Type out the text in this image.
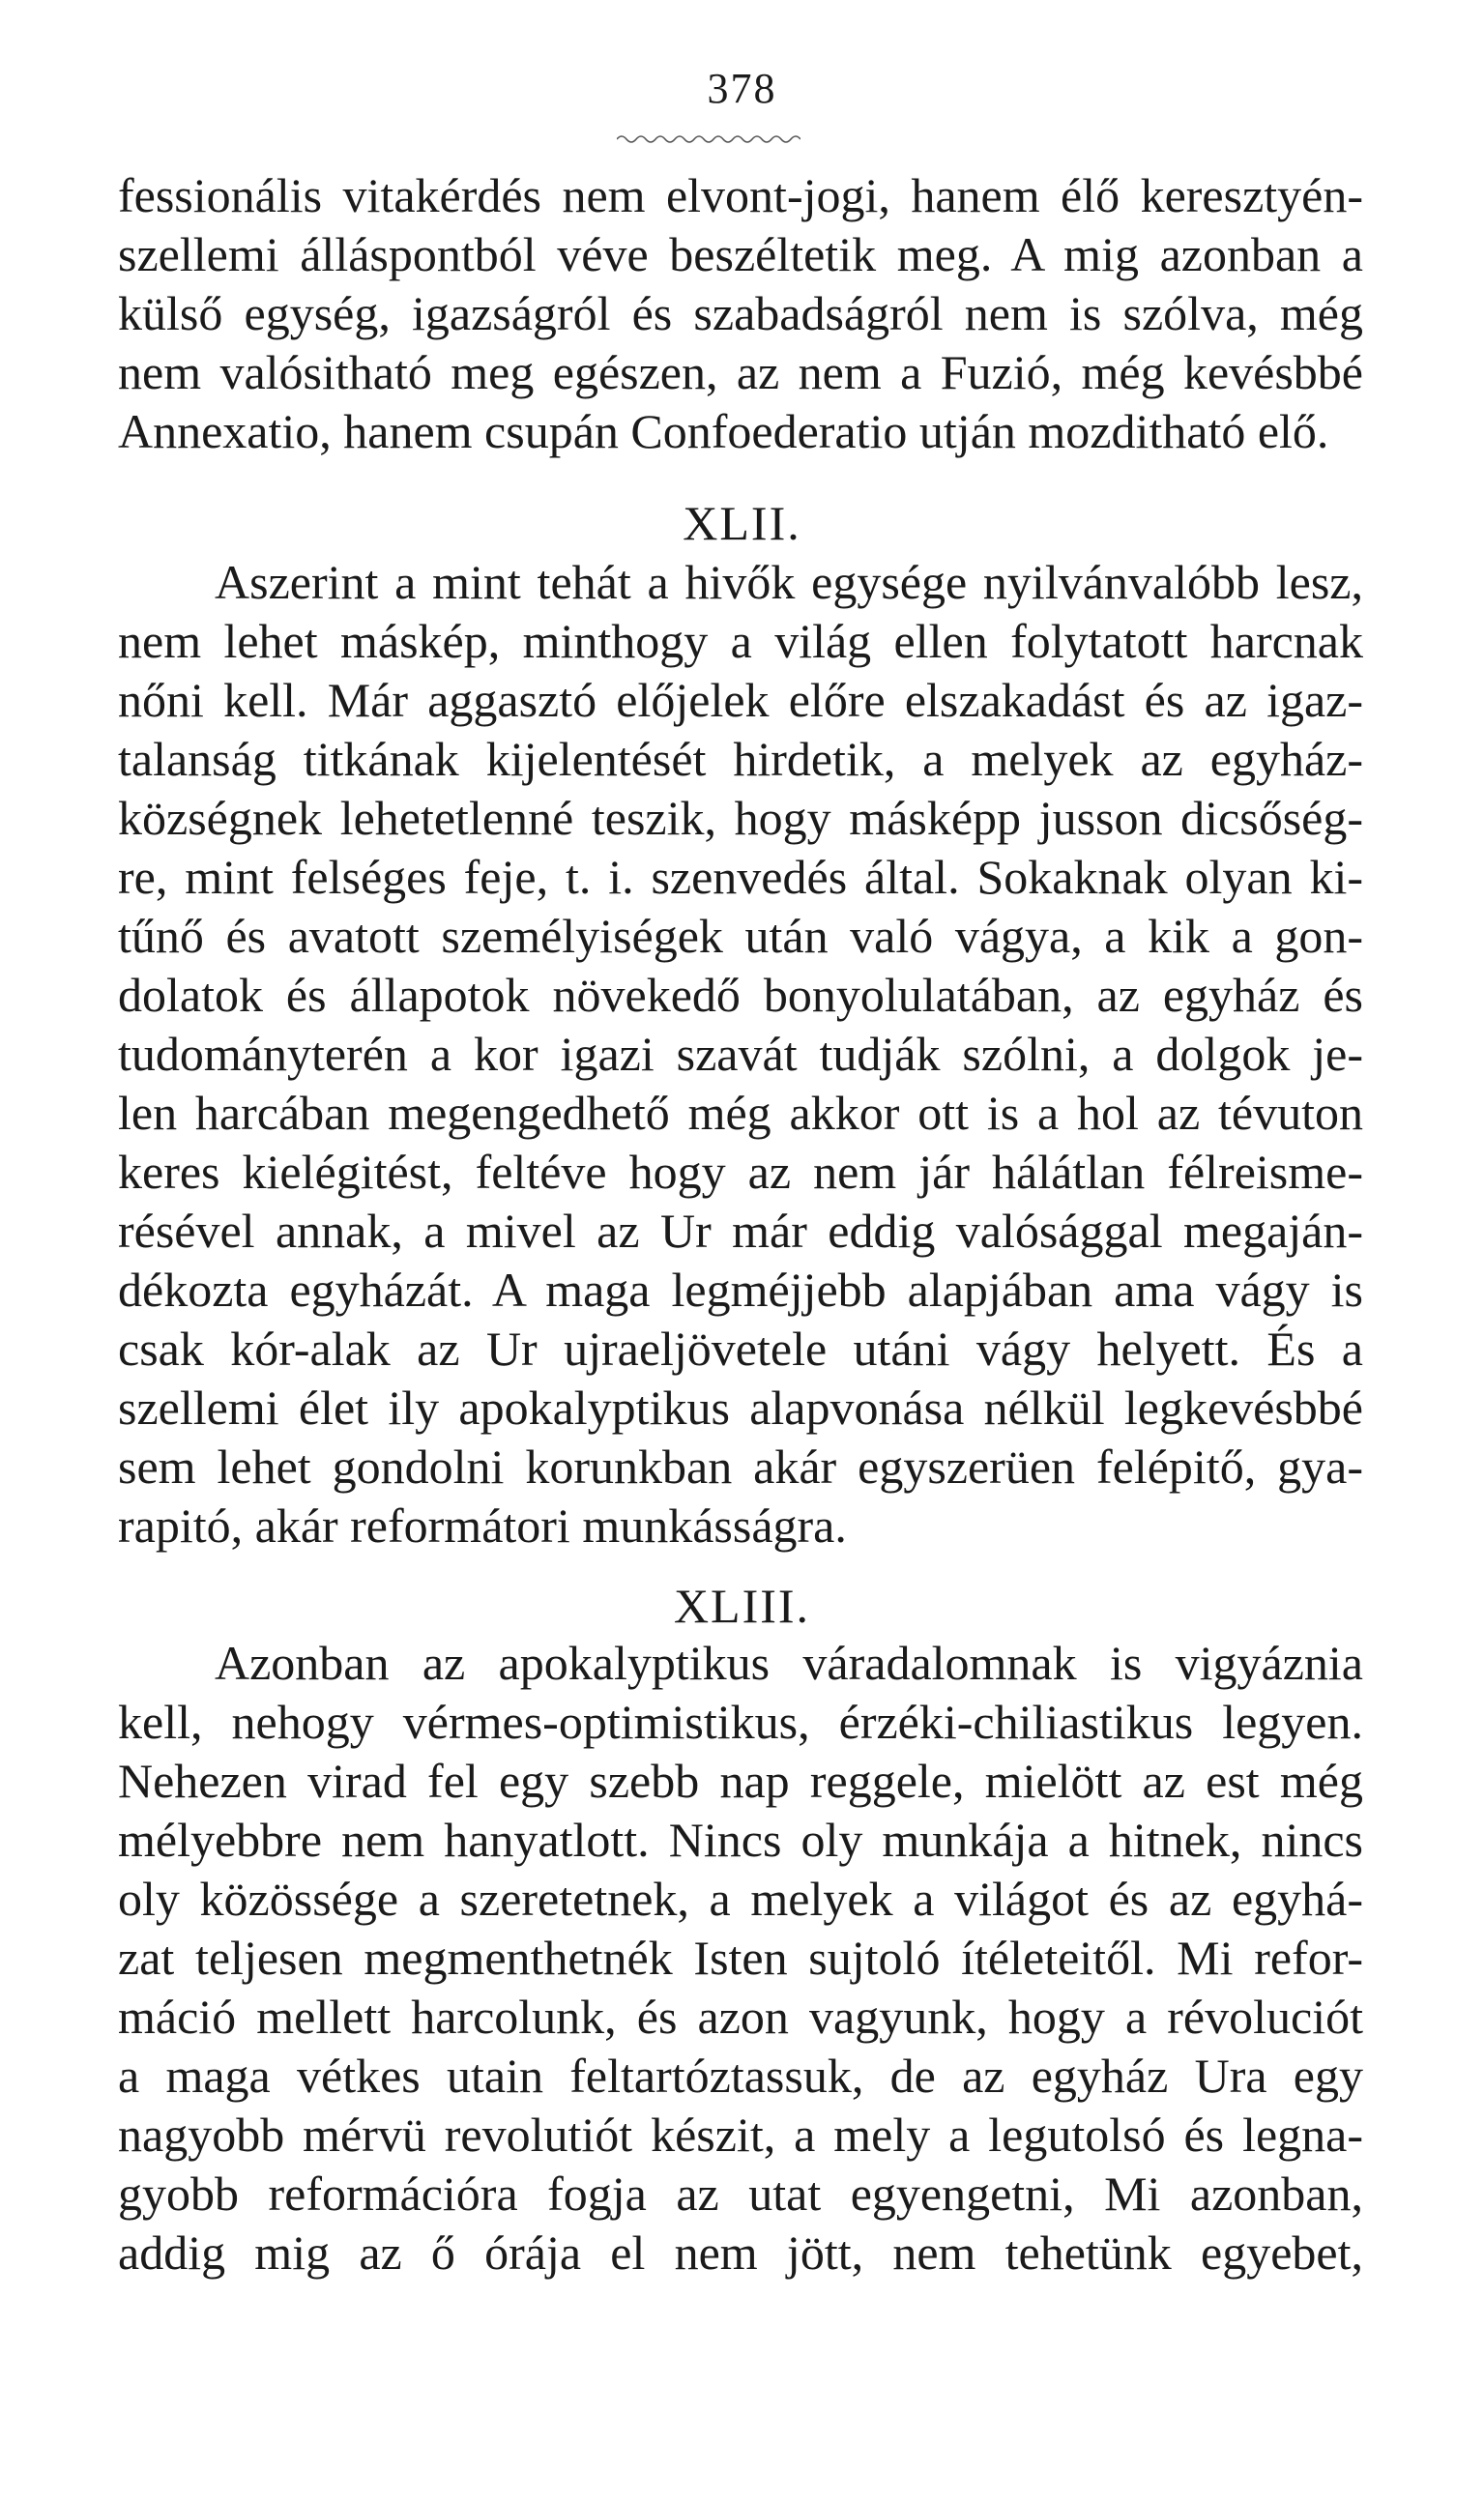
378
fessionális vitakérdés nem elvont-jogi, hanem élő keresztyén-
szellemi álláspontból véve beszéltetik meg. A mig azonban a
külső egység, igazságról és szabadságról nem is szólva, még
nem valósitható meg egészen, az nem a Fuzió, még kevésbbé
Annexatio, hanem csupán Confoederatio utján mozditható elő.
XLII.
Aszerint a mint tehát a hivők egysége nyilvánvalóbb lesz,
nem lehet máskép, minthogy a világ ellen folytatott harcnak
nőni kell. Már aggasztó előjelek előre elszakadást és az igaz-
talanság titkának kijelentését hirdetik, a melyek az egyház-
községnek lehetetlenné teszik, hogy másképp jusson dicsőség-
re, mint felséges feje, t. i. szenvedés által. Sokaknak olyan ki-
tűnő és avatott személyiségek után való vágya, a kik a gon-
dolatok és állapotok növekedő bonyolulatában, az egyház és
tudományterén a kor igazi szavát tudják szólni, a dolgok je-
len harcában megengedhető még akkor ott is a hol az tévuton
keres kielégitést, feltéve hogy az nem jár hálátlan félreisme-
résével annak, a mivel az Ur már eddig valósággal megaján-
dékozta egyházát. A maga legméjjebb alapjában ama vágy is
csak kór-alak az Ur ujraeljövetele utáni vágy helyett. És a
szellemi élet ily apokalyptikus alapvonása nélkül legkevésbbé
sem lehet gondolni korunkban akár egyszerüen felépitő, gya-
rapitó, akár reformátori munkásságra.
XLIII.
Azonban az apokalyptikus váradalomnak is vigyáznia
kell, nehogy vérmes-optimistikus, érzéki-chiliastikus legyen.
Nehezen virad fel egy szebb nap reggele, mielött az est még
mélyebbre nem hanyatlott. Nincs oly munkája a hitnek, nincs
oly közössége a szeretetnek, a melyek a világot és az egyhá-
zat teljesen megmenthetnék Isten sujtoló ítéleteitől. Mi refor-
máció mellett harcolunk, és azon vagyunk, hogy a révoluciót
a maga vétkes utain feltartóztassuk, de az egyház Ura egy
nagyobb mérvü revolutiót készit, a mely a legutolsó és legna-
gyobb reformációra fogja az utat egyengetni, Mi azonban,
addig mig az ő órája el nem jött, nem tehetünk egyebet,
